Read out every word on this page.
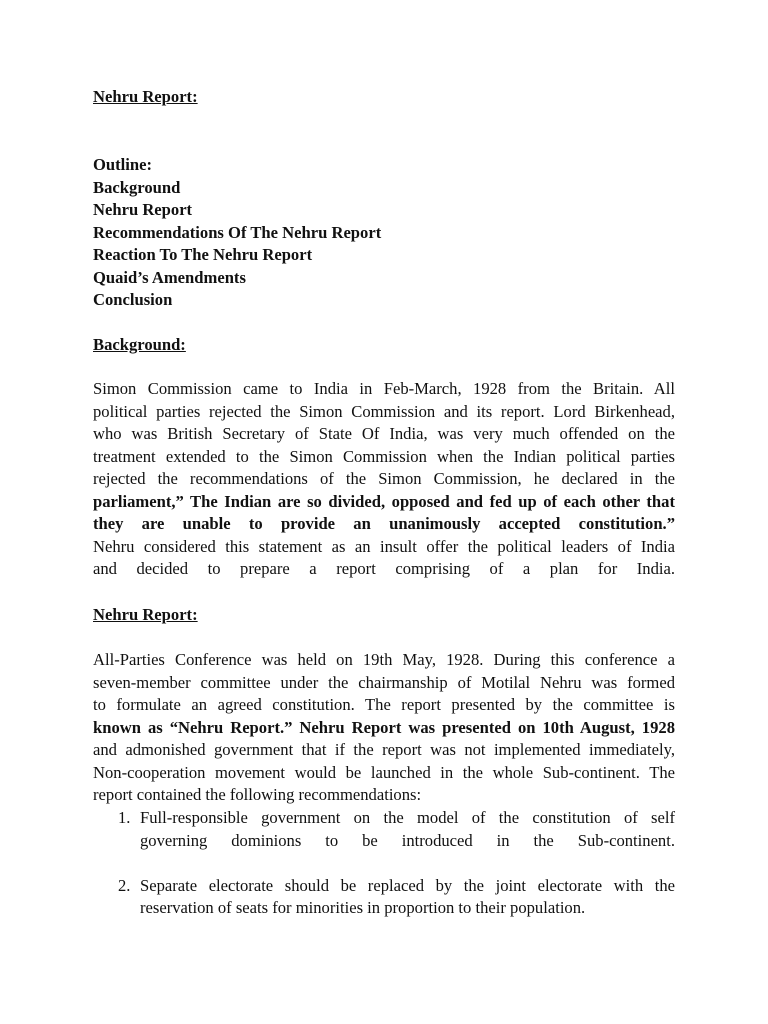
Nehru Report:
Outline:
Background
Nehru Report
Recommendations Of The Nehru Report
Reaction To The Nehru Report
Quaid’s Amendments
Conclusion
Background:

Simon Commission came to India in Feb-March, 1928 from the Britain. All
political parties rejected the Simon Commission and its report. Lord Birkenhead,
who was British Secretary of State Of India, was very much offended on the
treatment extended to the Simon Commission when the Indian political parties
rejected the recommendations of the Simon Commission, he declared in the
parliament,” The Indian are so divided, opposed and fed up of each other that
they are unable to provide an unanimously accepted constitution.”
Nehru considered this statement as an insult offer the political leaders of India
and decided to prepare a report comprising of a plan for India.

Nehru Report:

All-Parties Conference was held on 19th May, 1928. During this conference a
seven-member committee under the chairmanship of Motilal Nehru was formed
to formulate an agreed constitution. The report presented by the committee is
known as “Nehru Report.” Nehru Report was presented on 10th August, 1928
and admonished government that if the report was not implemented immediately,
Non-cooperation movement would be launched in the whole Sub-continent. The
report contained the following recommendations:

1. Full-responsible government on the model of the constitution of self
governing dominions to be introduced in the Sub-continent.
2. Separate electorate should be replaced by the joint electorate with the
reservation of seats for minorities in proportion to their population.
